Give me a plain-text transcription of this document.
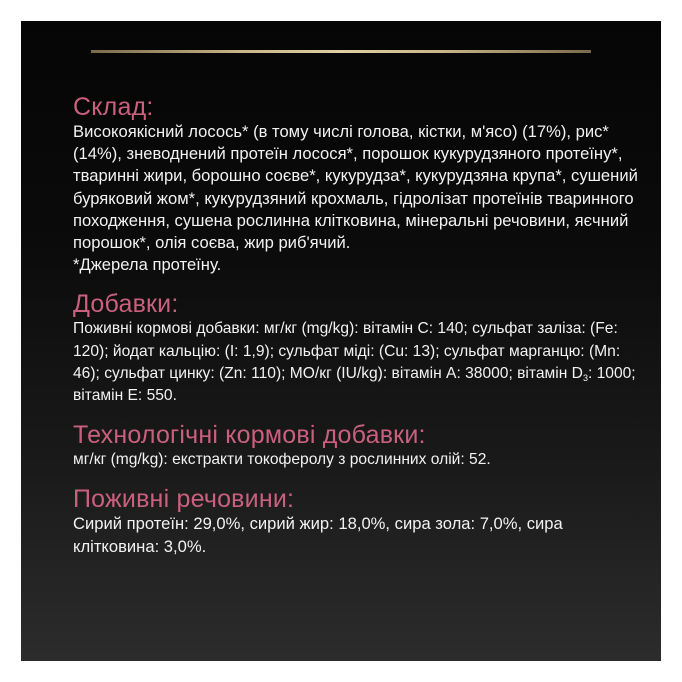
Склад:

Високоякісний лосось* (в тому числі голова, кістки, м'ясо) (17%), рис* (14%), зневоднений протеїн лосося*, порошок кукурудзяного протеїну*, тваринні жири, борошно соєве*, кукурудза*, кукурудзяна крупа*, сушений буряковий жом*, кукурудзяний крохмаль, гідролізат протеїнів тваринного походження, сушена рослинна клітковина, мінеральні речовини, яєчний порошок*, олія соєва, жир риб'ячий.
*Джерела протеїну.

Добавки:

Поживні кормові добавки: мг/кг (mg/kg): вітамін C: 140; сульфат заліза: (Fe: 120); йодат кальцію: (I: 1,9); сульфат міді: (Cu: 13); сульфат марганцю: (Mn: 46); сульфат цинку: (Zn: 110); МО/кг (IU/kg): вітамін A: 38000; вітамін $D_3$: 1000; вітамін E: 550.

Технологічні кормові добавки:

мг/кг (mg/kg): екстракти токоферолу з рослинних олій: 52.

Поживні речовини:

Сирий протеїн: 29,0%, сирий жир: 18,0%, сира зола: 7,0%, сира клітковина: 3,0%.
